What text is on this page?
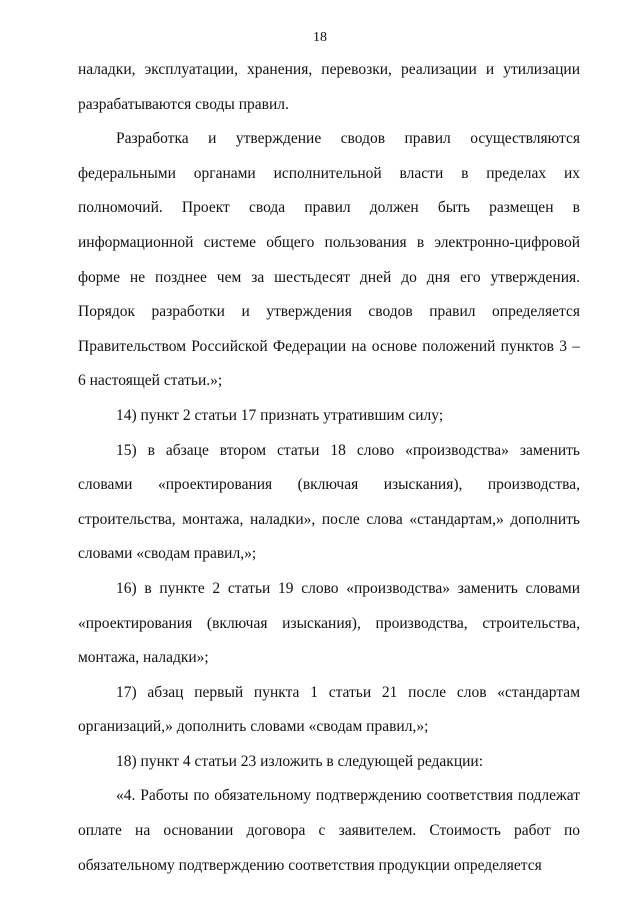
18

наладки, эксплуатации, хранения, перевозки, реализации и утилизации разрабатываются своды правил.

Разработка и утверждение сводов правил осуществляются федеральными органами исполнительной власти в пределах их полномочий. Проект свода правил должен быть размещен в информационной системе общего пользования в электронно-цифровой форме не позднее чем за шестьдесят дней до дня его утверждения. Порядок разработки и утверждения сводов правил определяется Правительством Российской Федерации на основе положений пунктов 3 – 6 настоящей статьи.»;

14) пункт 2 статьи 17 признать утратившим силу;

15) в абзаце втором статьи 18 слово «производства» заменить словами «проектирования (включая изыскания), производства, строительства, монтажа, наладки», после слова «стандартам,» дополнить словами «сводам правил,»;

16) в пункте 2 статьи 19 слово «производства» заменить словами «проектирования (включая изыскания), производства, строительства, монтажа, наладки»;

17) абзац первый пункта 1 статьи 21 после слов «стандартам организаций,» дополнить словами «сводам правил,»;

18) пункт 4 статьи 23 изложить в следующей редакции:

«4. Работы по обязательному подтверждению соответствия подлежат оплате на основании договора с заявителем. Стоимость работ по обязательному подтверждению соответствия продукции определяется
